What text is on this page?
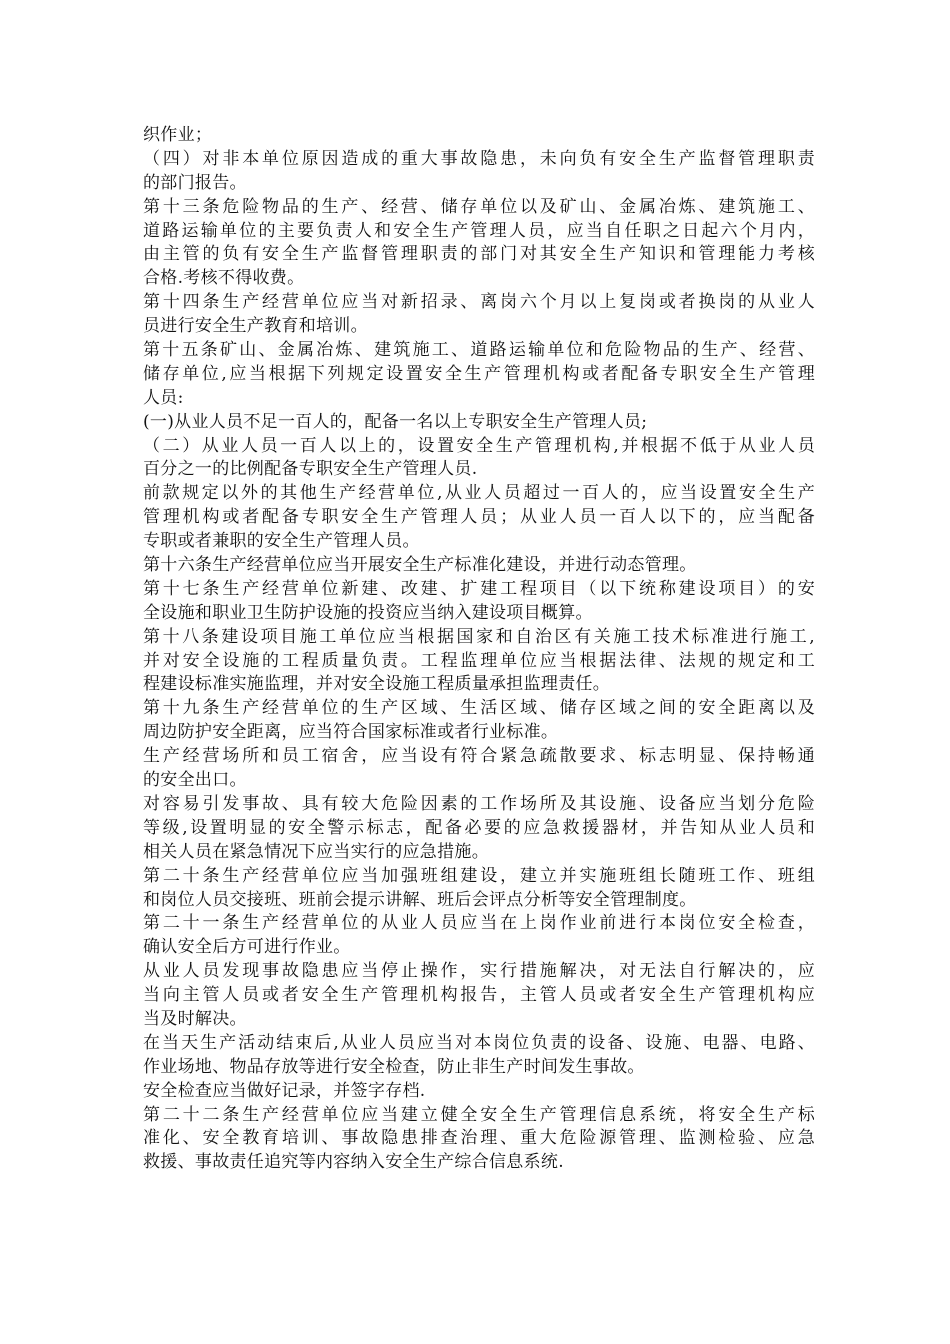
织作业；
（四）对非本单位原因造成的重大事故隐患，未向负有安全生产监督管理职责
的部门报告。
第十三条危险物品的生产、经营、储存单位以及矿山、金属冶炼、建筑施工、
道路运输单位的主要负责人和安全生产管理人员，应当自任职之日起六个月内，
由主管的负有安全生产监督管理职责的部门对其安全生产知识和管理能力考核
合格.考核不得收费。
第十四条生产经营单位应当对新招录、离岗六个月以上复岗或者换岗的从业人
员进行安全生产教育和培训。
第十五条矿山、金属冶炼、建筑施工、道路运输单位和危险物品的生产、经营、
储存单位,应当根据下列规定设置安全生产管理机构或者配备专职安全生产管理
人员:
(一)从业人员不足一百人的，配备一名以上专职安全生产管理人员;
（二）从业人员一百人以上的，设置安全生产管理机构,并根据不低于从业人员
百分之一的比例配备专职安全生产管理人员.
前款规定以外的其他生产经营单位,从业人员超过一百人的，应当设置安全生产
管理机构或者配备专职安全生产管理人员；从业人员一百人以下的，应当配备
专职或者兼职的安全生产管理人员。
第十六条生产经营单位应当开展安全生产标准化建设，并进行动态管理。
第十七条生产经营单位新建、改建、扩建工程项目（以下统称建设项目）的安
全设施和职业卫生防护设施的投资应当纳入建设项目概算。
第十八条建设项目施工单位应当根据国家和自治区有关施工技术标准进行施工,
并对安全设施的工程质量负责。工程监理单位应当根据法律、法规的规定和工
程建设标准实施监理，并对安全设施工程质量承担监理责任。
第十九条生产经营单位的生产区域、生活区域、储存区域之间的安全距离以及
周边防护安全距离，应当符合国家标准或者行业标准。
生产经营场所和员工宿舍，应当设有符合紧急疏散要求、标志明显、保持畅通
的安全出口。
对容易引发事故、具有较大危险因素的工作场所及其设施、设备应当划分危险
等级,设置明显的安全警示标志，配备必要的应急救援器材，并告知从业人员和
相关人员在紧急情况下应当实行的应急措施。
第二十条生产经营单位应当加强班组建设，建立并实施班组长随班工作、班组
和岗位人员交接班、班前会提示讲解、班后会评点分析等安全管理制度。
第二十一条生产经营单位的从业人员应当在上岗作业前进行本岗位安全检查，
确认安全后方可进行作业。
从业人员发现事故隐患应当停止操作，实行措施解决，对无法自行解决的，应
当向主管人员或者安全生产管理机构报告，主管人员或者安全生产管理机构应
当及时解决。
在当天生产活动结束后,从业人员应当对本岗位负责的设备、设施、电器、电路、
作业场地、物品存放等进行安全检查，防止非生产时间发生事故。
安全检查应当做好记录，并签字存档.
第二十二条生产经营单位应当建立健全安全生产管理信息系统，将安全生产标
准化、安全教育培训、事故隐患排查治理、重大危险源管理、监测检验、应急
救援、事故责任追究等内容纳入安全生产综合信息系统.
